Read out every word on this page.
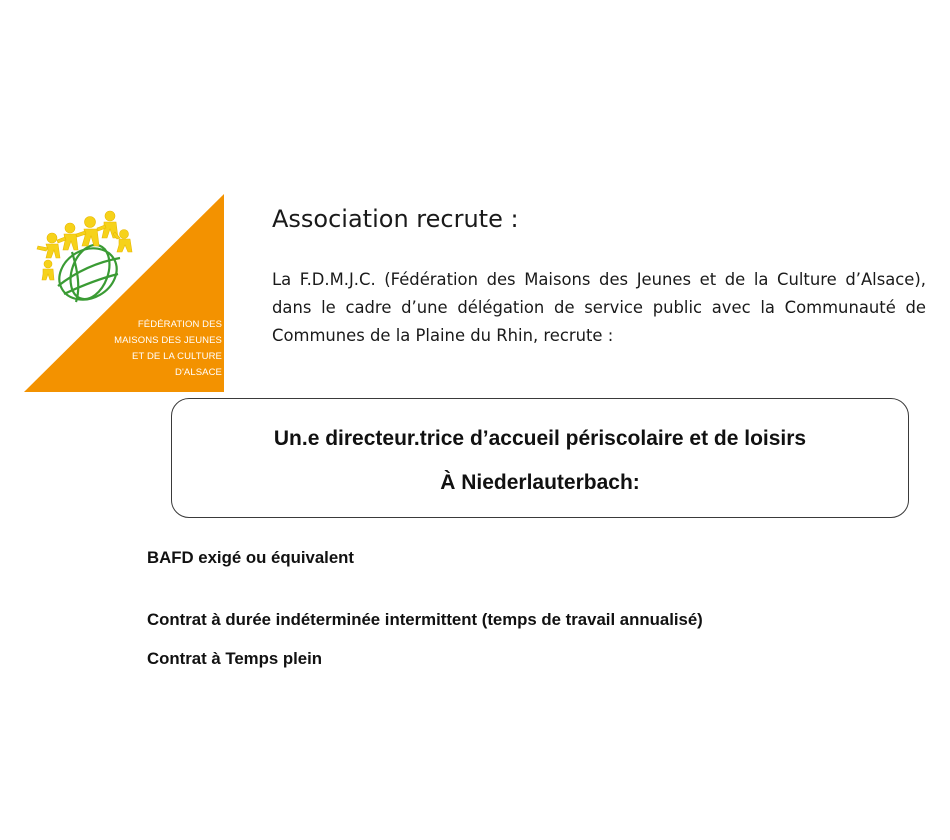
FÉDÉRATION DES
MAISONS DES JEUNES
ET DE LA CULTURE
D'ALSACE
Association recrute :

La F.D.M.J.C. (Fédération des Maisons des Jeunes et de la Culture d’Alsace), dans le cadre d’une délégation de service public avec la Communauté de Communes de la Plaine du Rhin, recrute :

Un.e directeur.trice d’accueil périscolaire et de loisirs
À Niederlauterbach:
BAFD exigé ou équivalent
Contrat à durée indéterminée intermittent (temps de travail annualisé)
Contrat à Temps plein
